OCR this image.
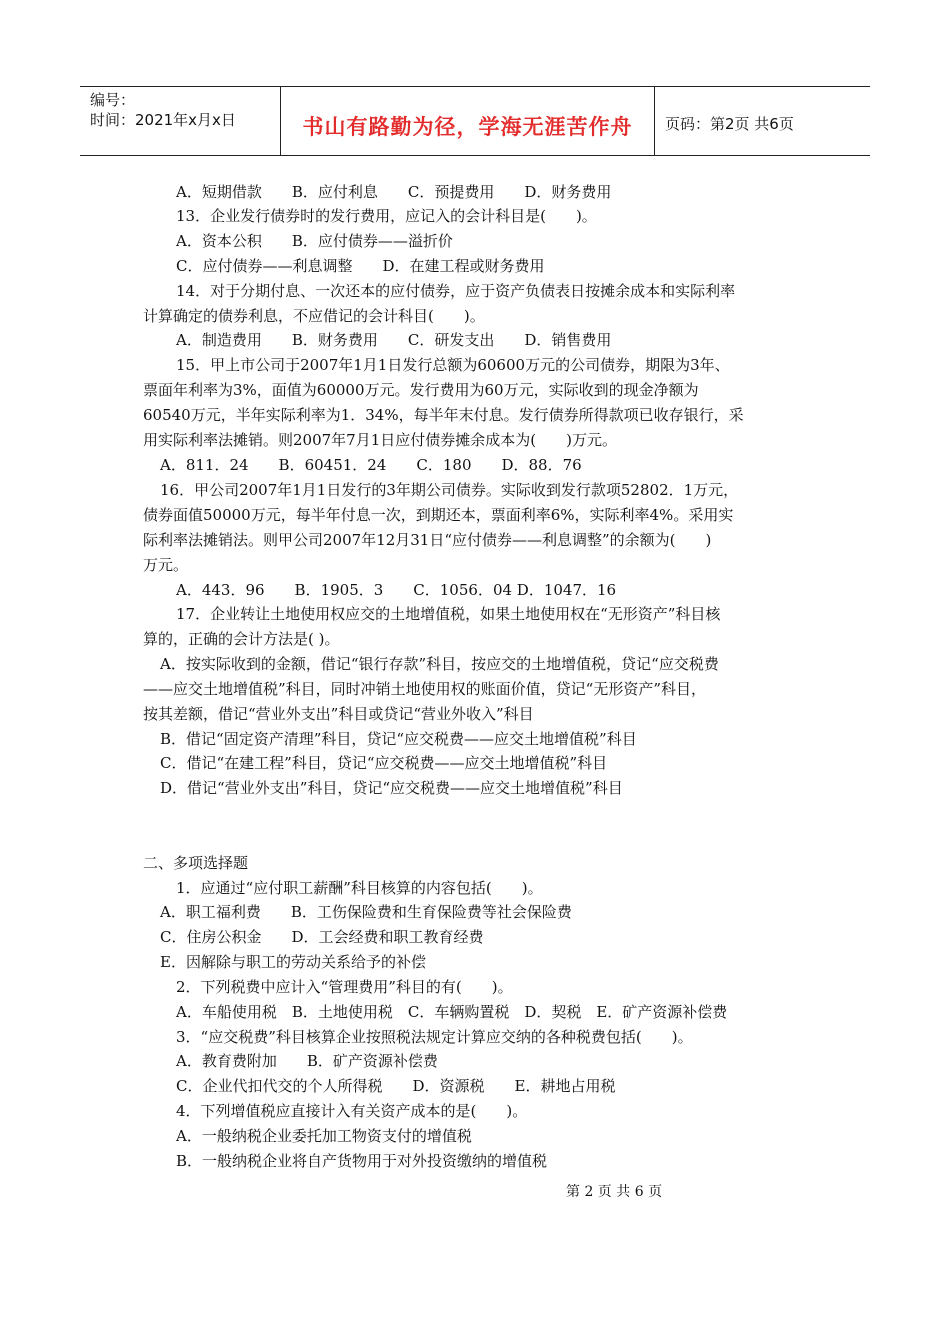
编号：
时间：2021年x月x日	书山有路勤为径，学海无涯苦作舟	页码：第2页 共6页
A．短期借款　　B．应付利息　　C．预提费用　　D．财务费用
13．企业发行债券时的发行费用，应记入的会计科目是(　　)。
A．资本公积　　B．应付债券——溢折价
C．应付债券——利息调整　　D．在建工程或财务费用
14．对于分期付息、一次还本的应付债券，应于资产负债表日按摊余成本和实际利率
计算确定的债券利息，不应借记的会计科目(　　)。
A．制造费用　　B．财务费用　　C．研发支出　　D．销售费用
15．甲上市公司于2007年1月1日发行总额为60600万元的公司债券，期限为3年、
票面年利率为3%，面值为60000万元。发行费用为60万元，实际收到的现金净额为
60540万元，半年实际利率为1．34%，每半年末付息。发行债券所得款项已收存银行，采
用实际利率法摊销。则2007年7月1日应付债券摊余成本为(　　)万元。
A．811．24　　B．60451．24　　C．180　　D．88．76
16．甲公司2007年1月1日发行的3年期公司债券。实际收到发行款项52802．1万元，
债券面值50000万元，每半年付息一次，到期还本，票面利率6%，实际利率4%。采用实
际利率法摊销法。则甲公司2007年12月31日“应付债券——利息调整”的余额为(　　)
万元。
A．443．96　　B．1905．3　　C．1056．04 D．1047．16
17．企业转让土地使用权应交的土地增值税，如果土地使用权在“无形资产”科目核
算的，正确的会计方法是( )。
A．按实际收到的金额，借记“银行存款”科目，按应交的土地增值税，贷记“应交税费
——应交土地增值税”科目，同时冲销土地使用权的账面价值，贷记“无形资产”科目，
按其差额，借记“营业外支出”科目或贷记“营业外收入”科目
B．借记“固定资产清理”科目，贷记“应交税费——应交土地增值税”科目
C．借记“在建工程”科目，贷记“应交税费——应交土地增值税”科目
D．借记“营业外支出”科目，贷记“应交税费——应交土地增值税”科目
二、多项选择题
1．应通过“应付职工薪酬”科目核算的内容包括(　　)。
A．职工福利费　　B．工伤保险费和生育保险费等社会保险费
C．住房公积金　　D．工会经费和职工教育经费
E．因解除与职工的劳动关系给予的补偿
2．下列税费中应计入“管理费用”科目的有(　　)。
A．车船使用税　B．土地使用税　C．车辆购置税　D．契税　E．矿产资源补偿费
3．“应交税费”科目核算企业按照税法规定计算应交纳的各种税费包括(　　)。
A．教育费附加　　B．矿产资源补偿费
C．企业代扣代交的个人所得税　　D．资源税　　E．耕地占用税
4．下列增值税应直接计入有关资产成本的是(　　)。
A．一般纳税企业委托加工物资支付的增值税
B．一般纳税企业将自产货物用于对外投资缴纳的增值税
第 2 页 共 6 页
